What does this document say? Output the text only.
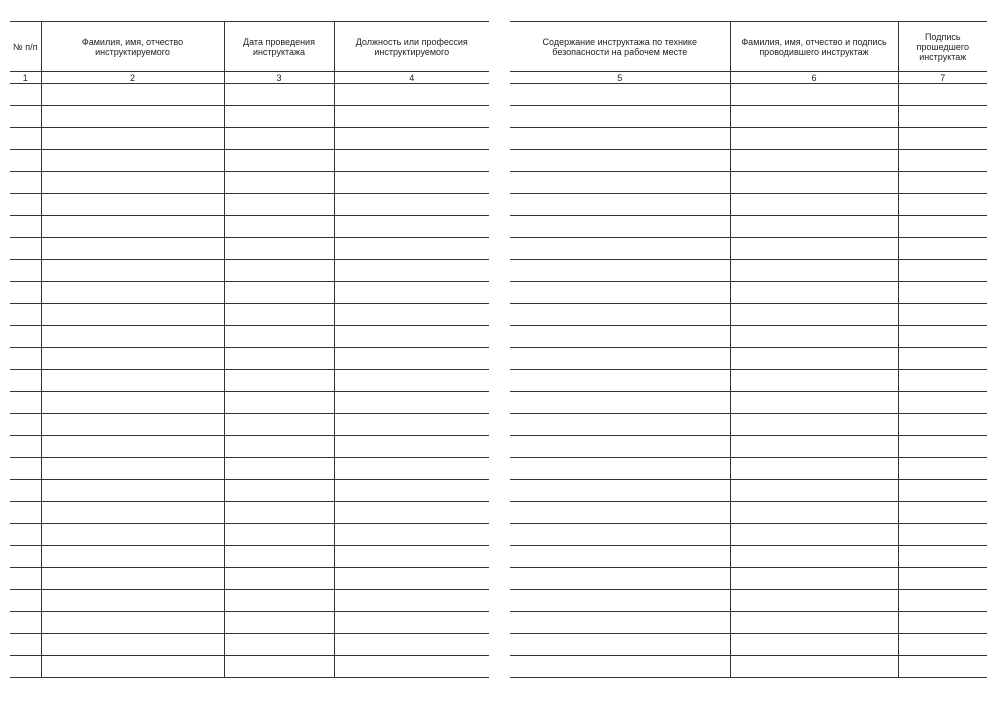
№ п/п	Фамилия, имя, отчество инструктируемого	Дата проведения инструктажа	Должность или профессия инструктируемого

1	2	3	4

Содержание инструктажа по технике безопасности на рабочем месте	Фамилия, имя, отчество и подпись проводившего инструктаж	Подпись прошедшего инструктаж

5	6	7
